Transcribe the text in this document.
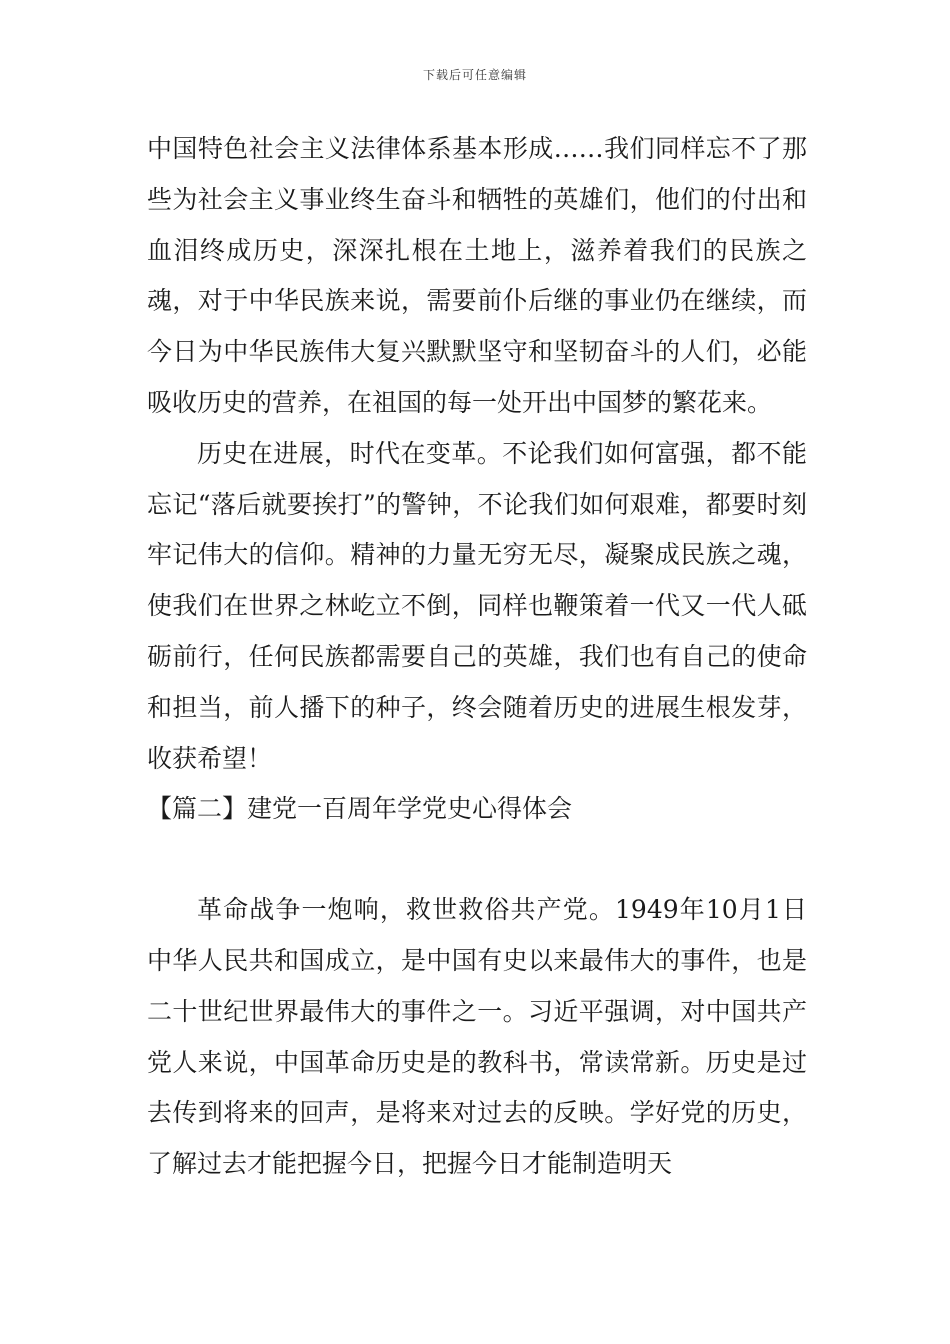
下载后可任意编辑

中国特色社会主义法律体系基本形成……我们同样忘不了那些为社会主义事业终生奋斗和牺牲的英雄们，他们的付出和血泪终成历史，深深扎根在土地上，滋养着我们的民族之魂，对于中华民族来说，需要前仆后继的事业仍在继续，而今日为中华民族伟大复兴默默坚守和坚韧奋斗的人们，必能吸收历史的营养，在祖国的每一处开出中国梦的繁花来。

历史在进展，时代在变革。不论我们如何富强，都不能忘记“落后就要挨打”的警钟，不论我们如何艰难，都要时刻牢记伟大的信仰。精神的力量无穷无尽，凝聚成民族之魂，使我们在世界之林屹立不倒，同样也鞭策着一代又一代人砥砺前行，任何民族都需要自己的英雄，我们也有自己的使命和担当，前人播下的种子，终会随着历史的进展生根发芽，收获希望！

【篇二】建党一百周年学党史心得体会

革命战争一炮响，救世救俗共产党。1949年10月1日中华人民共和国成立，是中国有史以来最伟大的事件，也是二十世纪世界最伟大的事件之一。习近平强调，对中国共产党人来说，中国革命历史是的教科书，常读常新。历史是过去传到将来的回声，是将来对过去的反映。学好党的历史，了解过去才能把握今日，把握今日才能制造明天
